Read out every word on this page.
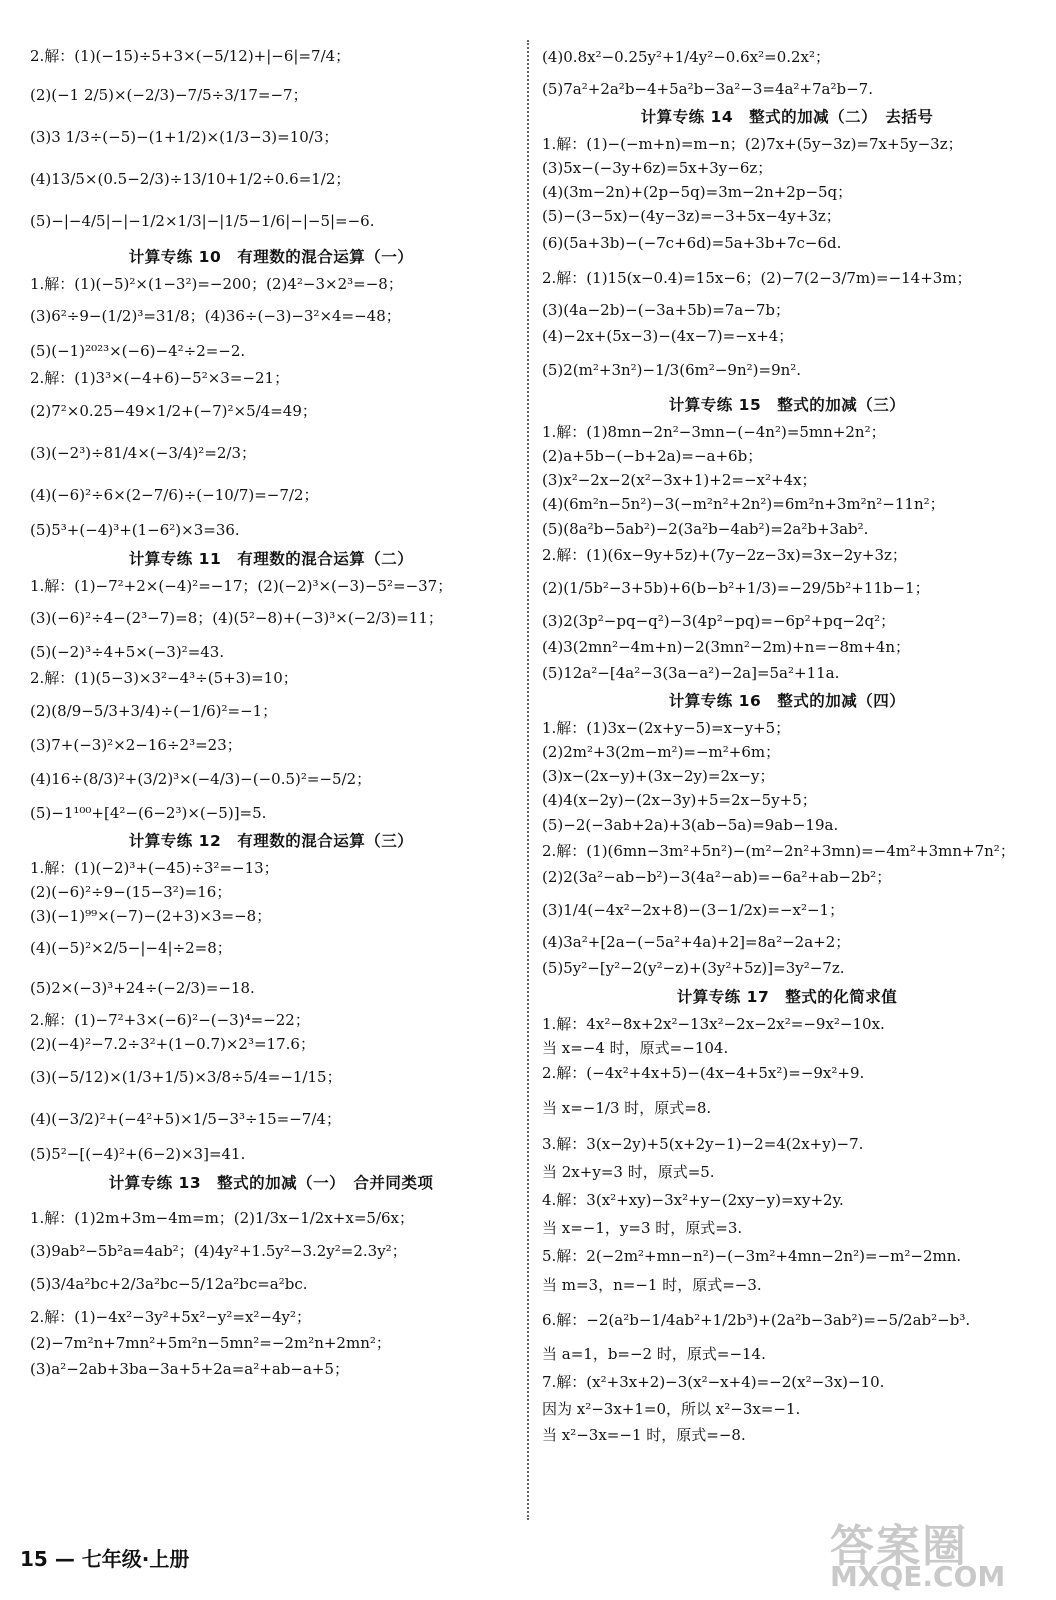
2.解：(1)(−15)÷5+3×(−5/12)+|−6|=7/4；
(2)(−1 2/5)×(−2/3)−7/5÷3/17=−7；
(3)3 1/3÷(−5)−(1+1/2)×(1/3−3)=10/3；
(4)13/5×(0.5−2/3)÷13/10+1/2÷0.6=1/2；
(5)−|−4/5|−|−1/2×1/3|−|1/5−1/6|−|−5|=−6.
计算专练 10　有理数的混合运算（一）
1.解：(1)(−5)²×(1−3²)=−200；(2)4²−3×2³=−8；
(3)6²÷9−(1/2)³=31/8；(4)36÷(−3)−3²×4=−48；
(5)(−1)²⁰²³×(−6)−4²÷2=−2.
2.解：(1)3³×(−4+6)−5²×3=−21；
(2)7²×0.25−49×1/2+(−7)²×5/4=49；
(3)(−2³)÷81/4×(−3/4)²=2/3；
(4)(−6)²÷6×(2−7/6)÷(−10/7)=−7/2；
(5)5³+(−4)³+(1−6²)×3=36.
计算专练 11　有理数的混合运算（二）
1.解：(1)−7²+2×(−4)²=−17；(2)(−2)³×(−3)−5²=−37；
(3)(−6)²÷4−(2³−7)=8；(4)(5²−8)+(−3)³×(−2/3)=11；
(5)(−2)³÷4+5×(−3)²=43.
2.解：(1)(5−3)×3²−4³÷(5+3)=10；
(2)(8/9−5/3+3/4)÷(−1/6)²=−1；
(3)7+(−3)²×2−16÷2³=23；
(4)16÷(8/3)²+(3/2)³×(−4/3)−(−0.5)²=−5/2；
(5)−1¹⁰⁰+[4²−(6−2³)×(−5)]=5.
计算专练 12　有理数的混合运算（三）
1.解：(1)(−2)³+(−45)÷3²=−13；
(2)(−6)²÷9−(15−3²)=16；
(3)(−1)⁹⁹×(−7)−(2+3)×3=−8；
(4)(−5)²×2/5−|−4|÷2=8；
(5)2×(−3)³+24÷(−2/3)=−18.
2.解：(1)−7²+3×(−6)²−(−3)⁴=−22；
(2)(−4)²−7.2÷3²+(1−0.7)×2³=17.6；
(3)(−5/12)×(1/3+1/5)×3/8÷5/4=−1/15；
(4)(−3/2)²+(−4²+5)×1/5−3³÷15=−7/4；
(5)5²−[(−4)²+(6−2)×3]=41.
计算专练 13　整式的加减（一）　合并同类项
1.解：(1)2m+3m−4m=m；(2)1/3x−1/2x+x=5/6x；
(3)9ab²−5b²a=4ab²；(4)4y²+1.5y²−3.2y²=2.3y²；
(5)3/4a²bc+2/3a²bc−5/12a²bc=a²bc.
2.解：(1)−4x²−3y²+5x²−y²=x²−4y²；
(2)−7m²n+7mn²+5m²n−5mn²=−2m²n+2mn²；
(3)a²−2ab+3ba−3a+5+2a=a²+ab−a+5；
(4)0.8x²−0.25y²+1/4y²−0.6x²=0.2x²；
(5)7a²+2a²b−4+5a²b−3a²−3=4a²+7a²b−7.
计算专练 14　整式的加减（二）　去括号
1.解：(1)−(−m+n)=m−n；(2)7x+(5y−3z)=7x+5y−3z；
(3)5x−(−3y+6z)=5x+3y−6z；
(4)(3m−2n)+(2p−5q)=3m−2n+2p−5q；
(5)−(3−5x)−(4y−3z)=−3+5x−4y+3z；
(6)(5a+3b)−(−7c+6d)=5a+3b+7c−6d.
2.解：(1)15(x−0.4)=15x−6；(2)−7(2−3/7m)=−14+3m；
(3)(4a−2b)−(−3a+5b)=7a−7b；
(4)−2x+(5x−3)−(4x−7)=−x+4；
(5)2(m²+3n²)−1/3(6m²−9n²)=9n².
计算专练 15　整式的加减（三）
1.解：(1)8mn−2n²−3mn−(−4n²)=5mn+2n²；
(2)a+5b−(−b+2a)=−a+6b；
(3)x²−2x−2(x²−3x+1)+2=−x²+4x；
(4)(6m²n−5n²)−3(−m²n²+2n²)=6m²n+3m²n²−11n²；
(5)(8a²b−5ab²)−2(3a²b−4ab²)=2a²b+3ab².
2.解：(1)(6x−9y+5z)+(7y−2z−3x)=3x−2y+3z；
(2)(1/5b²−3+5b)+6(b−b²+1/3)=−29/5b²+11b−1；
(3)2(3p²−pq−q²)−3(4p²−pq)=−6p²+pq−2q²；
(4)3(2mn²−4m+n)−2(3mn²−2m)+n=−8m+4n；
(5)12a²−[4a²−3(3a−a²)−2a]=5a²+11a.
计算专练 16　整式的加减（四）
1.解：(1)3x−(2x+y−5)=x−y+5；
(2)2m²+3(2m−m²)=−m²+6m；
(3)x−(2x−y)+(3x−2y)=2x−y；
(4)4(x−2y)−(2x−3y)+5=2x−5y+5；
(5)−2(−3ab+2a)+3(ab−5a)=9ab−19a.
2.解：(1)(6mn−3m²+5n²)−(m²−2n²+3mn)=−4m²+3mn+7n²；
(2)2(3a²−ab−b²)−3(4a²−ab)=−6a²+ab−2b²；
(3)1/4(−4x²−2x+8)−(3−1/2x)=−x²−1；
(4)3a²+[2a−(−5a²+4a)+2]=8a²−2a+2；
(5)5y²−[y²−2(y²−z)+(3y²+5z)]=3y²−7z.
计算专练 17　整式的化简求值
1.解：4x²−8x+2x²−13x²−2x−2x²=−9x²−10x.
当 x=−4 时，原式=−104.
2.解：(−4x²+4x+5)−(4x−4+5x²)=−9x²+9.
当 x=−1/3 时，原式=8.
3.解：3(x−2y)+5(x+2y−1)−2=4(2x+y)−7.
当 2x+y=3 时，原式=5.
4.解：3(x²+xy)−3x²+y−(2xy−y)=xy+2y.
当 x=−1，y=3 时，原式=3.
5.解：2(−2m²+mn−n²)−(−3m²+4mn−2n²)=−m²−2mn.
当 m=3，n=−1 时，原式=−3.
6.解：−2(a²b−1/4ab²+1/2b³)+(2a²b−3ab²)=−5/2ab²−b³.
当 a=1，b=−2 时，原式=−14.
7.解：(x²+3x+2)−3(x²−x+4)=−2(x²−3x)−10.
因为 x²−3x+1=0，所以 x²−3x=−1.
当 x²−3x=−1 时，原式=−8.
15 — 七年级·上册	答案圈
MXQE.COM
